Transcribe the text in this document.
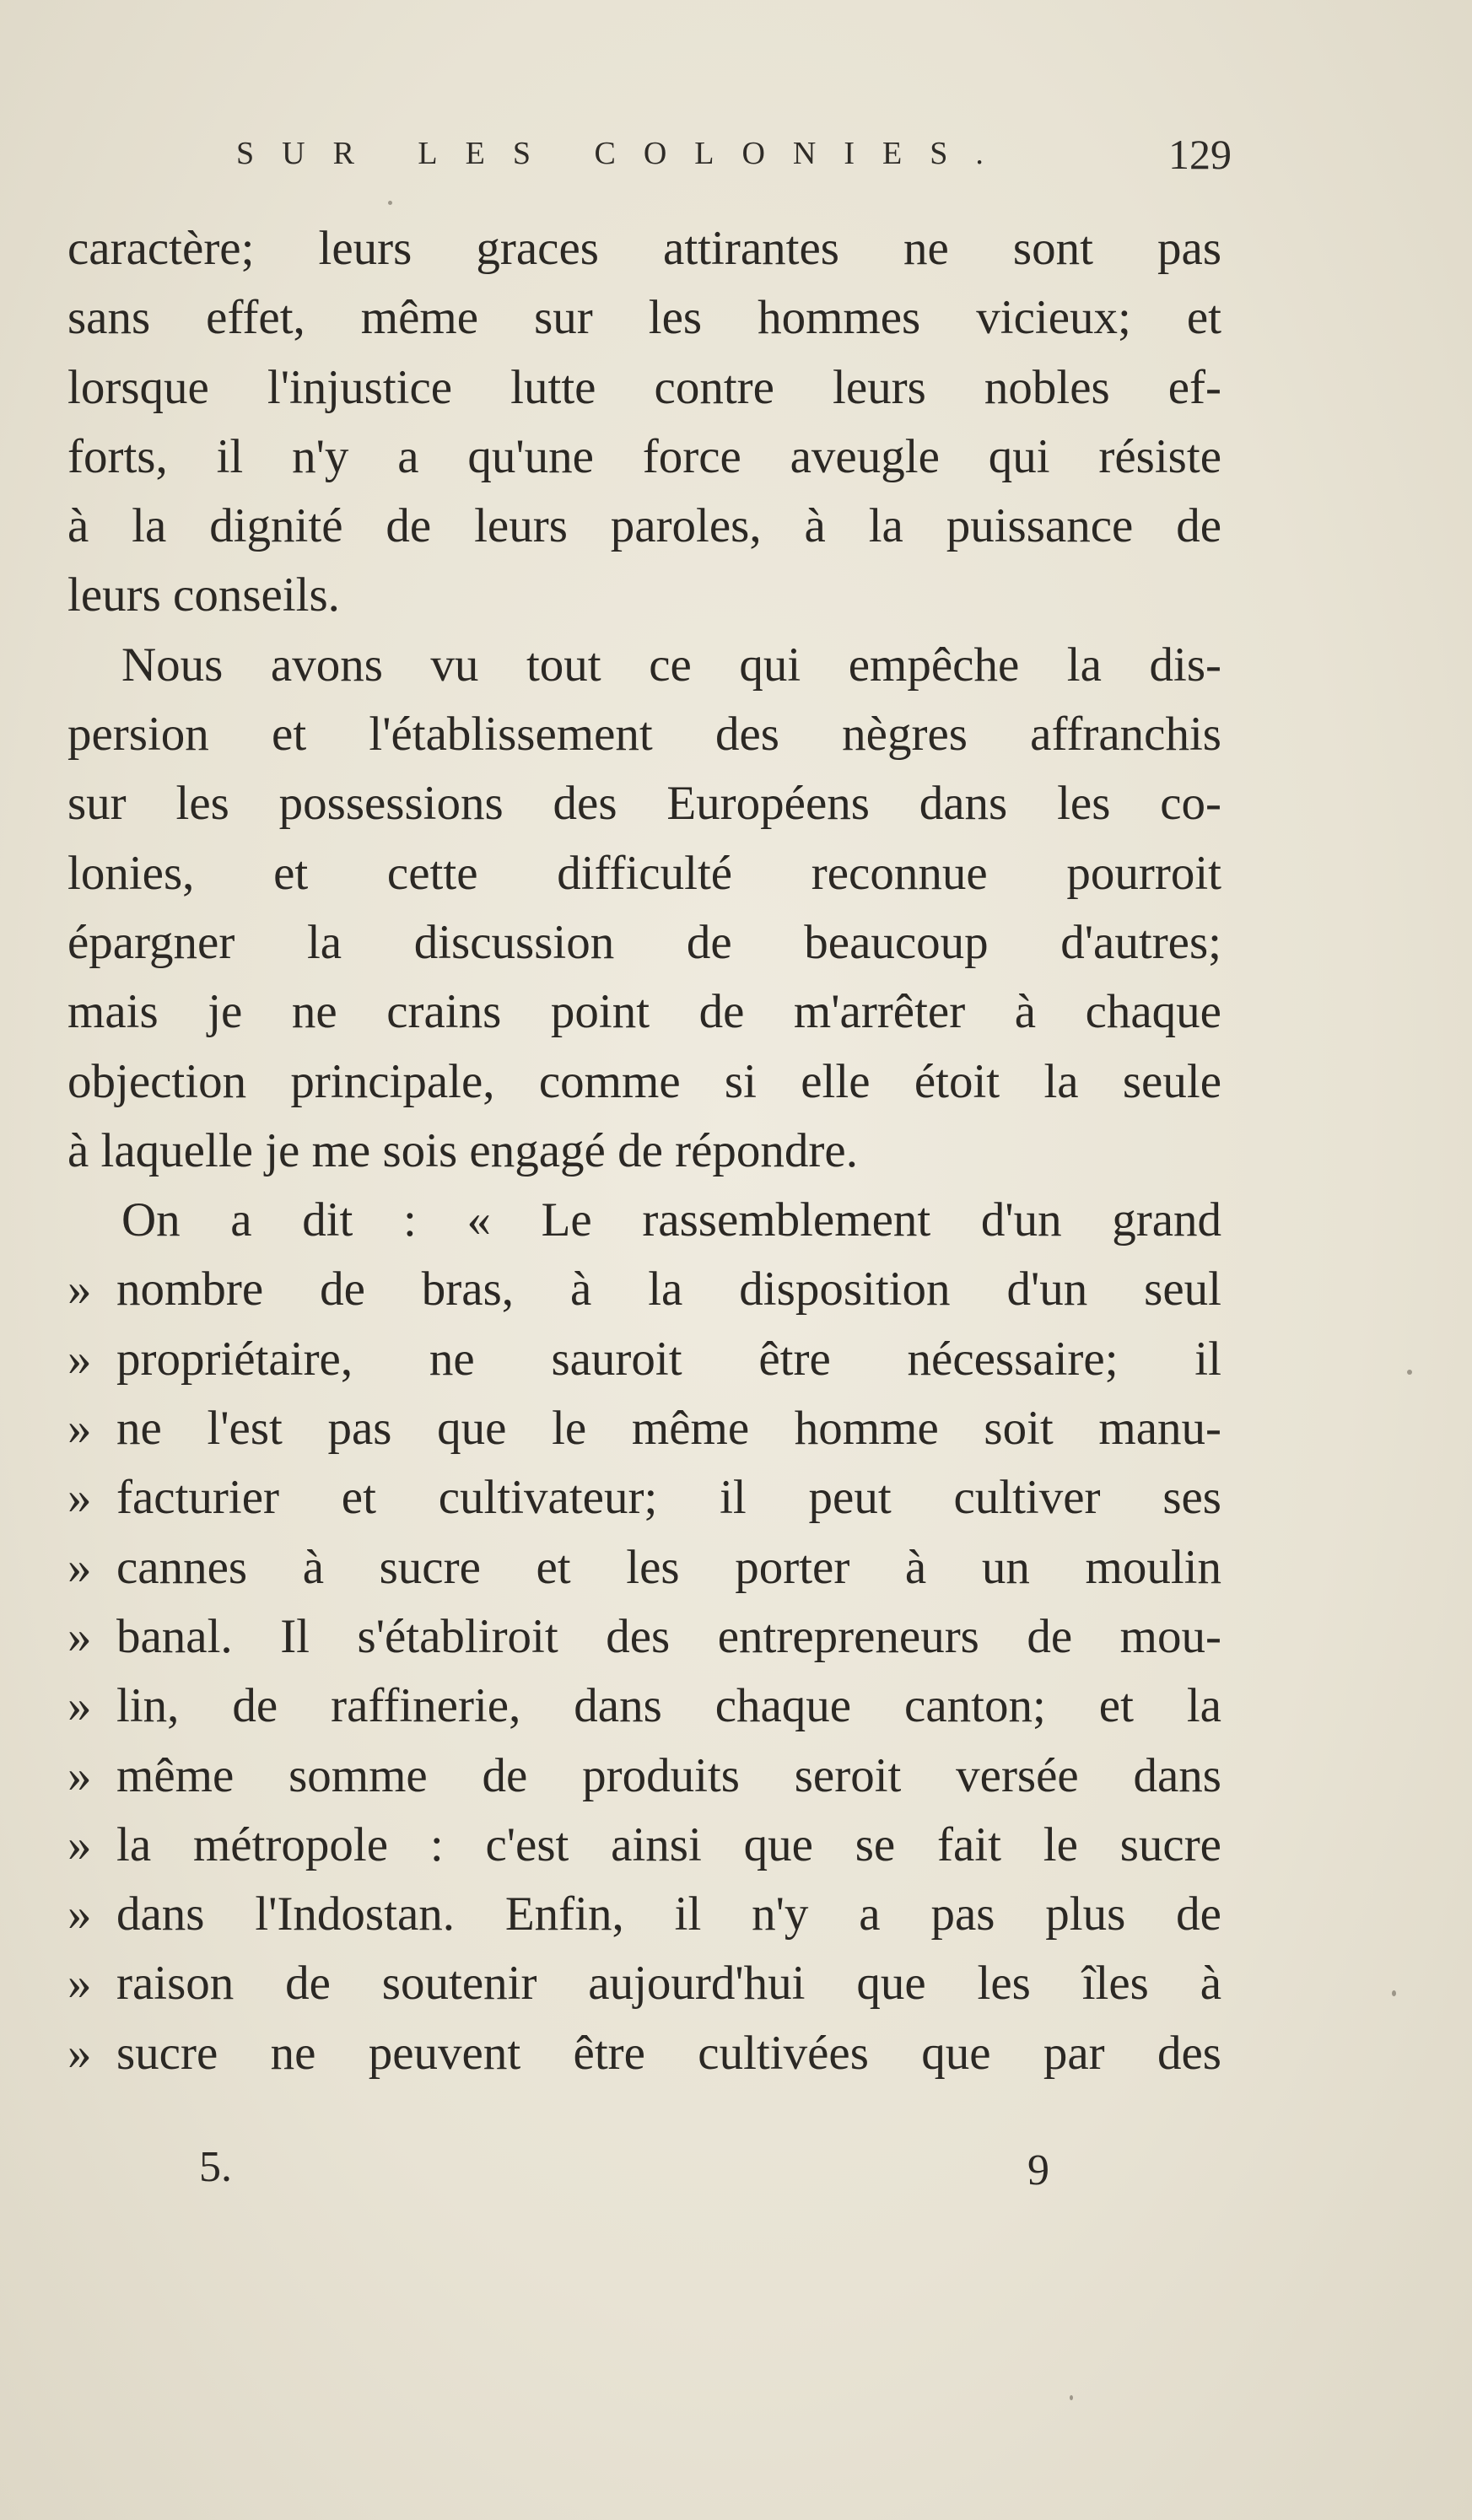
SUR LES COLONIES.	129
caractère; leurs graces attirantes ne sont pas
sans effet, même sur les hommes vicieux; et
lorsque l'injustice lutte contre leurs nobles ef-
forts, il n'y a qu'une force aveugle qui résiste
à la dignité de leurs paroles, à la puissance de
leurs conseils.
Nous avons vu tout ce qui empêche la dis-
persion et l'établissement des nègres affranchis
sur les possessions des Européens dans les co-
lonies, et cette difficulté reconnue pourroit
épargner la discussion de beaucoup d'autres;
mais je ne crains point de m'arrêter à chaque
objection principale, comme si elle étoit la seule
à laquelle je me sois engagé de répondre.
On a dit : « Le rassemblement d'un grand
» nombre de bras, à la disposition d'un seul
» propriétaire, ne sauroit être nécessaire; il
» ne l'est pas que le même homme soit manu-
» facturier et cultivateur; il peut cultiver ses
» cannes à sucre et les porter à un moulin
» banal. Il s'établiroit des entrepreneurs de mou-
» lin, de raffinerie, dans chaque canton; et la
» même somme de produits seroit versée dans
» la métropole : c'est ainsi que se fait le sucre
» dans l'Indostan. Enfin, il n'y a pas plus de
» raison de soutenir aujourd'hui que les îles à
» sucre ne peuvent être cultivées que par des
5.	9
